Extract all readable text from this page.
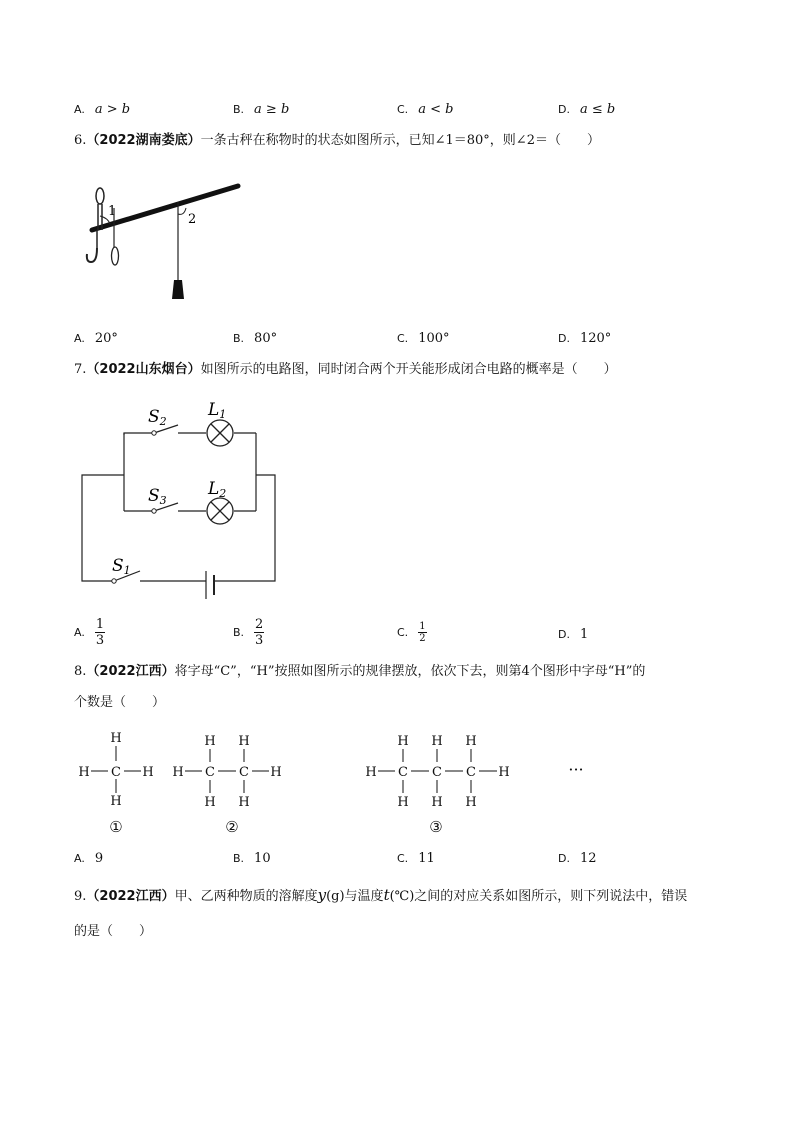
A. a > b	B. a ≥ b	C. a < b	D. a ≤ b
6.（2022湖南娄底）一条古秤在称物时的状态如图所示，已知∠1＝80°，则∠2＝（　　）
1
2
A. 20°	B. 80°	C. 100°	D. 120°
7.（2022山东烟台）如图所示的电路图，同时闭合两个开关能形成闭合电路的概率是（　　）
S2
L1
S3
L2
S1
A. $\frac{1}{3}$	B. $\frac{2}{3}$	C. $\frac{1}{2}$	D. 1
8.（2022江西）将字母“C”，“H”按照如图所示的规律摆放，依次下去，则第4个图形中字母“H”的
个数是（　　）
H
C
H
H	H
①
H H
C C
H H
H	H
②
H H H
C C C
H H H
H	H
③
···
A. 9	B. 10	C. 11	D. 12
9.（2022江西）甲、乙两种物质的溶解度y(g)与温度t(℃)之间的对应关系如图所示，则下列说法中，错误
的是（　　）
